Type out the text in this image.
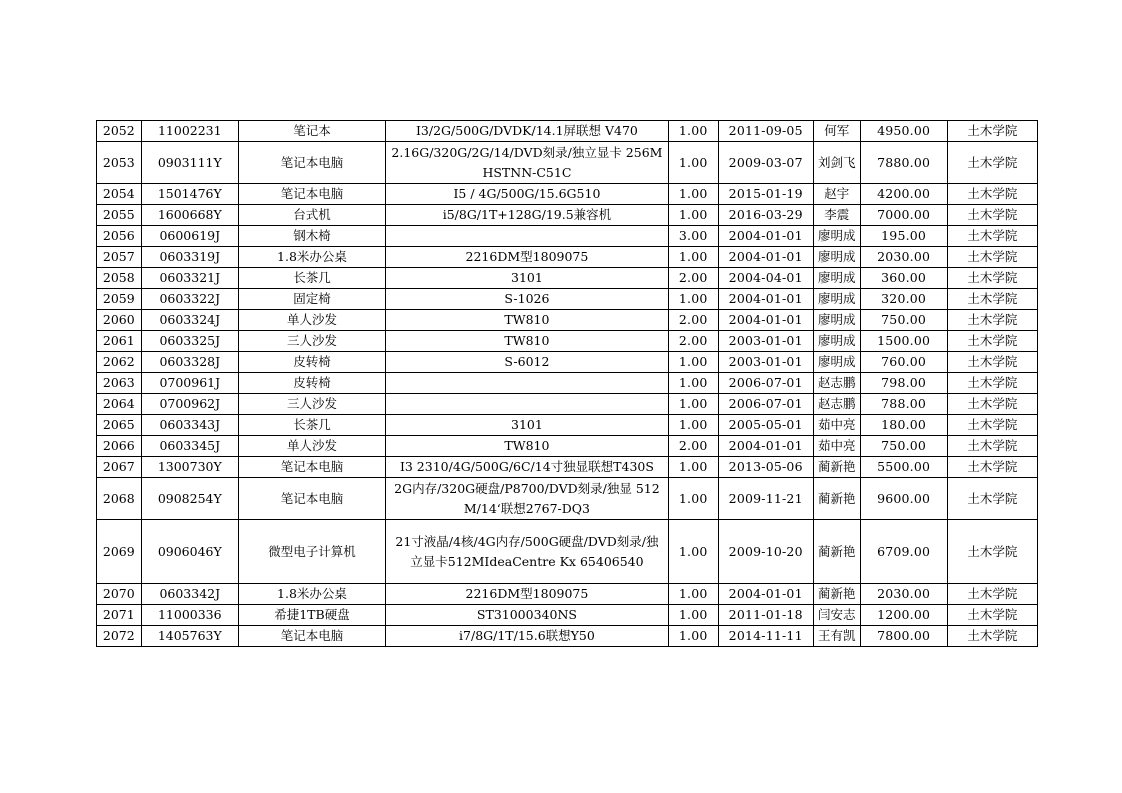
2052	11002231	笔记本	I3/2G/500G/DVDK/14.1屏联想 V470	1.00	2011-09-05	何军	4950.00	土木学院
2053	0903111Y	笔记本电脑	2.16G/320G/2G/14/DVD刻录/独立显卡 256MHSTNN-C51C	1.00	2009-03-07	刘剑飞	7880.00	土木学院
2054	1501476Y	笔记本电脑	I5 / 4G/500G/15.6G510	1.00	2015-01-19	赵宇	4200.00	土木学院
2055	1600668Y	台式机	i5/8G/1T+128G/19.5兼容机	1.00	2016-03-29	李震	7000.00	土木学院
2056	0600619J	钢木椅		3.00	2004-01-01	廖明成	195.00	土木学院
2057	0603319J	1.8米办公桌	2216DM型1809075	1.00	2004-01-01	廖明成	2030.00	土木学院
2058	0603321J	长茶几	3101	2.00	2004-04-01	廖明成	360.00	土木学院
2059	0603322J	固定椅	S-1026	1.00	2004-01-01	廖明成	320.00	土木学院
2060	0603324J	单人沙发	TW810	2.00	2004-01-01	廖明成	750.00	土木学院
2061	0603325J	三人沙发	TW810	2.00	2003-01-01	廖明成	1500.00	土木学院
2062	0603328J	皮转椅	S-6012	1.00	2003-01-01	廖明成	760.00	土木学院
2063	0700961J	皮转椅		1.00	2006-07-01	赵志鹏	798.00	土木学院
2064	0700962J	三人沙发		1.00	2006-07-01	赵志鹏	788.00	土木学院
2065	0603343J	长茶几	3101	1.00	2005-05-01	茹中亮	180.00	土木学院
2066	0603345J	单人沙发	TW810	2.00	2004-01-01	茹中亮	750.00	土木学院
2067	1300730Y	笔记本电脑	I3 2310/4G/500G/6C/14寸独显联想T430S	1.00	2013-05-06	蔺新艳	5500.00	土木学院
2068	0908254Y	笔记本电脑	2G内存/320G硬盘/P8700/DVD刻录/独显 512M/14‘联想2767-DQ3	1.00	2009-11-21	蔺新艳	9600.00	土木学院
2069	0906046Y	微型电子计算机	21寸液晶/4核/4G内存/500G硬盘/DVD刻录/独立显卡512MIdeaCentre Kx 65406540	1.00	2009-10-20	蔺新艳	6709.00	土木学院
2070	0603342J	1.8米办公桌	2216DM型1809075	1.00	2004-01-01	蔺新艳	2030.00	土木学院
2071	11000336	希捷1TB硬盘	ST31000340NS	1.00	2011-01-18	闫安志	1200.00	土木学院
2072	1405763Y	笔记本电脑	i7/8G/1T/15.6联想Y50	1.00	2014-11-11	王有凯	7800.00	土木学院
